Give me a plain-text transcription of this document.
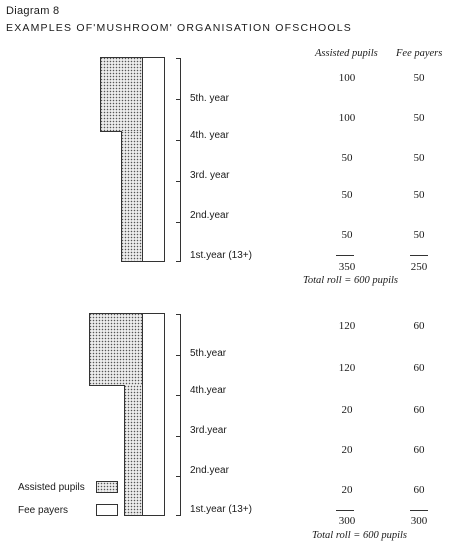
Diagram 8
EXAMPLES OF'MUSHROOM' ORGANISATION OFSCHOOLS
Assisted pupils Fee payers
5th. year
4th. year
3rd. year
2nd.year
1st.year (13+)
100
100
50
50
50
50
50
50
50
50
350	250
Total roll = 600 pupils
5th.year
4th.year
3rd.year
2nd.year
1st.year (13+)
120
120
20
20
20
60
60
60
60
60
300	300
Total roll = 600 pupils
Assisted pupils
Fee payers
